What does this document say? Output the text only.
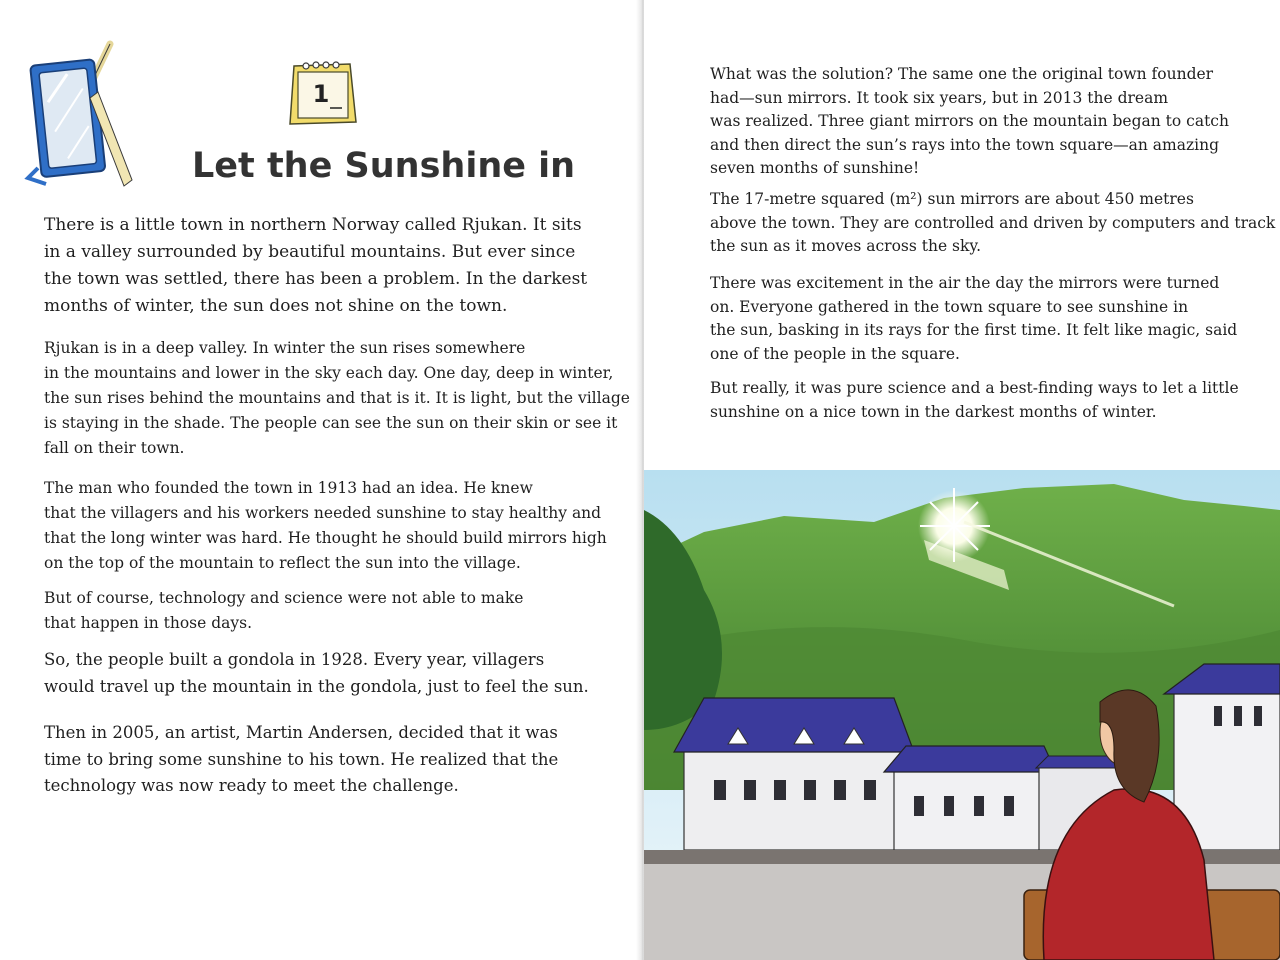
1
Let the Sunshine in

There is a little town in northern Norway called Rjukan. It sits
in a valley surrounded by beautiful mountains. But ever since
the town was settled, there has been a problem. In the darkest
months of winter, the sun does not shine on the town.

Rjukan is in a deep valley. In winter the sun rises somewhere
in the mountains and lower in the sky each day. One day, deep in winter,
the sun rises behind the mountains and that is it. It is light, but the village
is staying in the shade. The people can see the sun on their skin or see it
fall on their town.

The man who founded the town in 1913 had an idea. He knew
that the villagers and his workers needed sunshine to stay healthy and
that the long winter was hard. He thought he should build mirrors high
on the top of the mountain to reflect the sun into the village.

But of course, technology and science were not able to make
that happen in those days.

So, the people built a gondola in 1928. Every year, villagers
would travel up the mountain in the gondola, just to feel the sun.

Then in 2005, an artist, Martin Andersen, decided that it was
time to bring some sunshine to his town. He realized that the
technology was now ready to meet the challenge.

What was the solution? The same one the original town founder
had—sun mirrors. It took six years, but in 2013 the dream
was realized. Three giant mirrors on the mountain began to catch
and then direct the sun’s rays into the town square—an amazing
seven months of sunshine!

The 17-metre squared (m²) sun mirrors are about 450 metres
above the town. They are controlled and driven by computers and track
the sun as it moves across the sky.

There was excitement in the air the day the mirrors were turned
on. Everyone gathered in the town square to see sunshine in
the sun, basking in its rays for the first time. It felt like magic, said
one of the people in the square.

But really, it was pure science and a best-finding ways to let a little
sunshine on a nice town in the darkest months of winter.
